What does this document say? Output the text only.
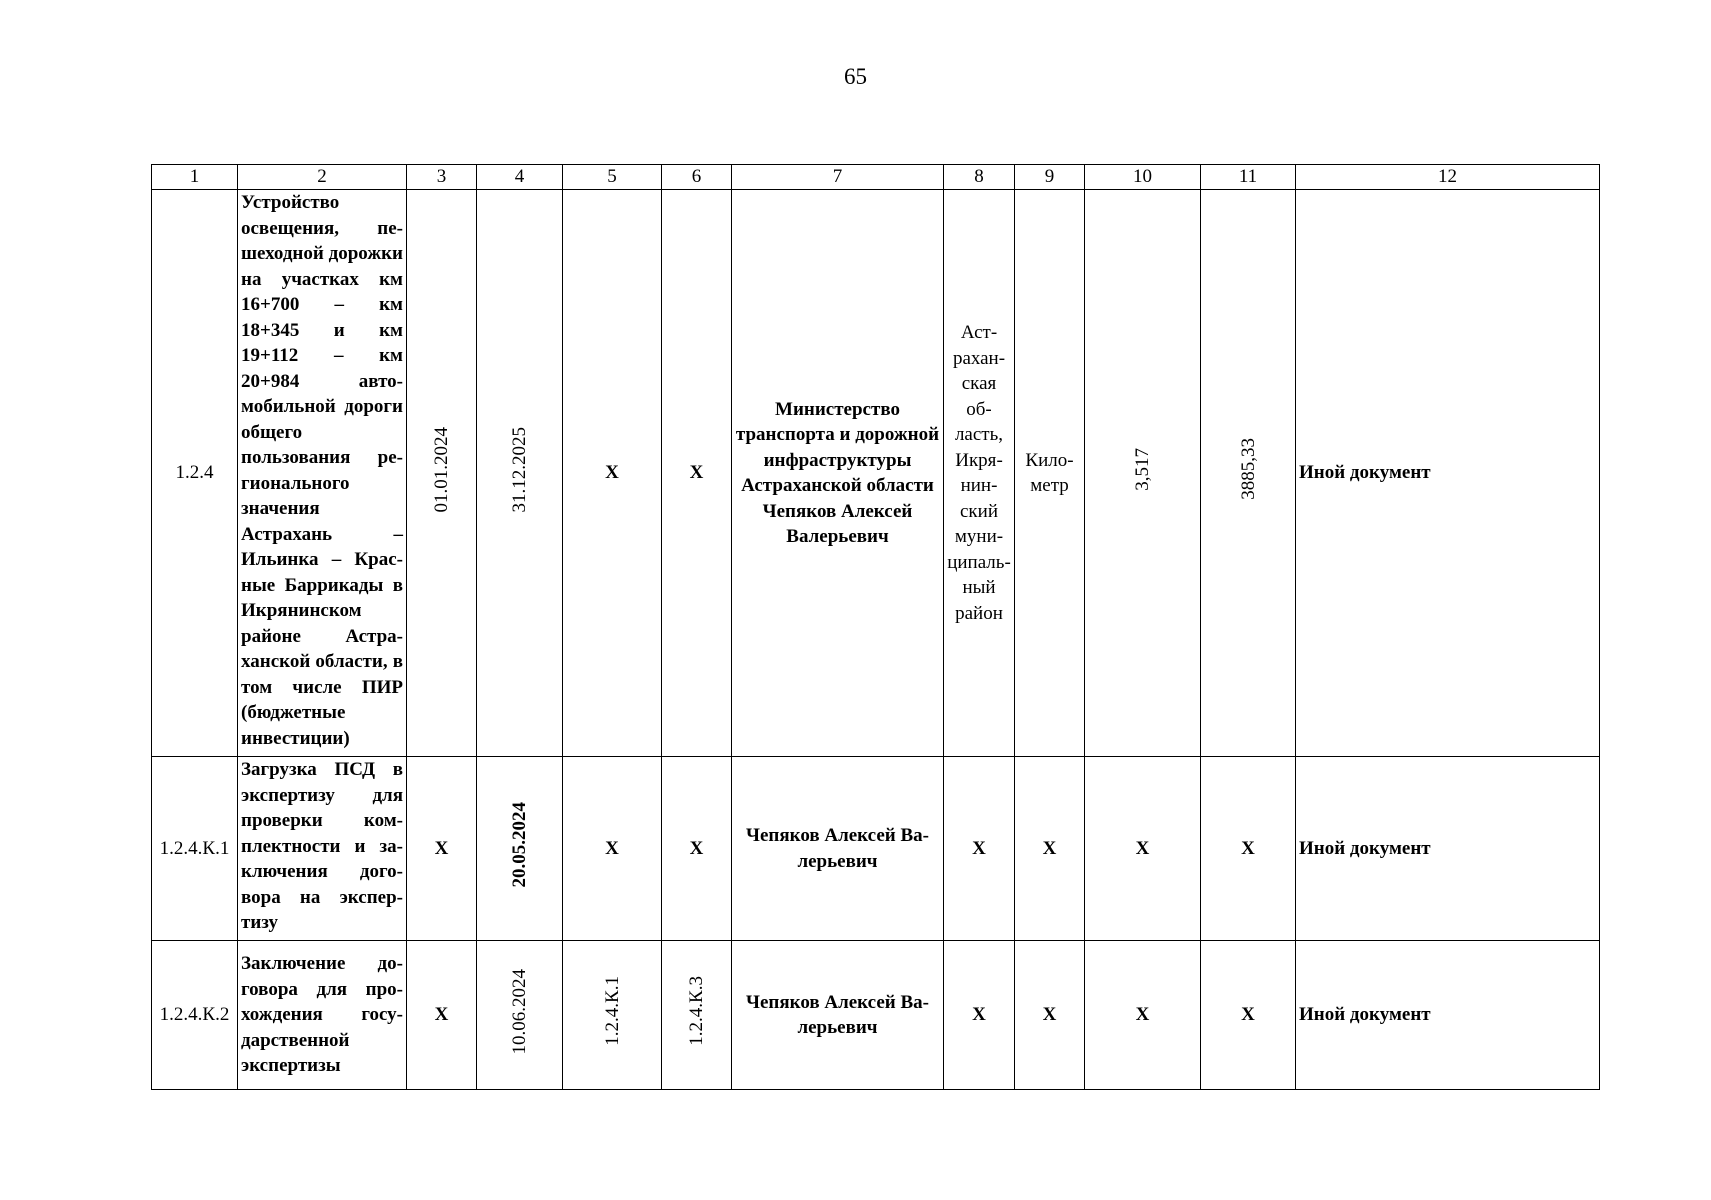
65
1	2	3	4	5	6	7	8	9	10	11	12
1.2.4	Устройство освещения, пешеходной дорожки на участках км 16+700 – км 18+345 и км 19+112 – км 20+984 автомобильной дороги общего пользования регионального значения Астрахань – Ильинка – Красные Баррикады в Икрянинском районе Астраханской области, в том числе ПИР (бюджетные инвестиции)	01.01.2024	31.12.2025	Х	Х	Министерство транспорта и дорожной инфраструктуры Астраханской области Чепяков Алексей Валерьевич	Астраханская область, Икрянинский муниципальный район	Километр	3,517	3885,33	Иной документ
1.2.4.К.1	Загрузка ПСД в экспертизу для проверки комплектности и заключения договора на экспертизу	Х	20.05.2024	Х	Х	Чепяков Алексей Валерьевич	Х	Х	Х	Х	Иной документ
1.2.4.К.2	Заключение договора для прохождения государственной экспертизы	Х	10.06.2024	1.2.4.К.1	1.2.4.К.3	Чепяков Алексей Валерьевич	Х	Х	Х	Х	Иной документ
